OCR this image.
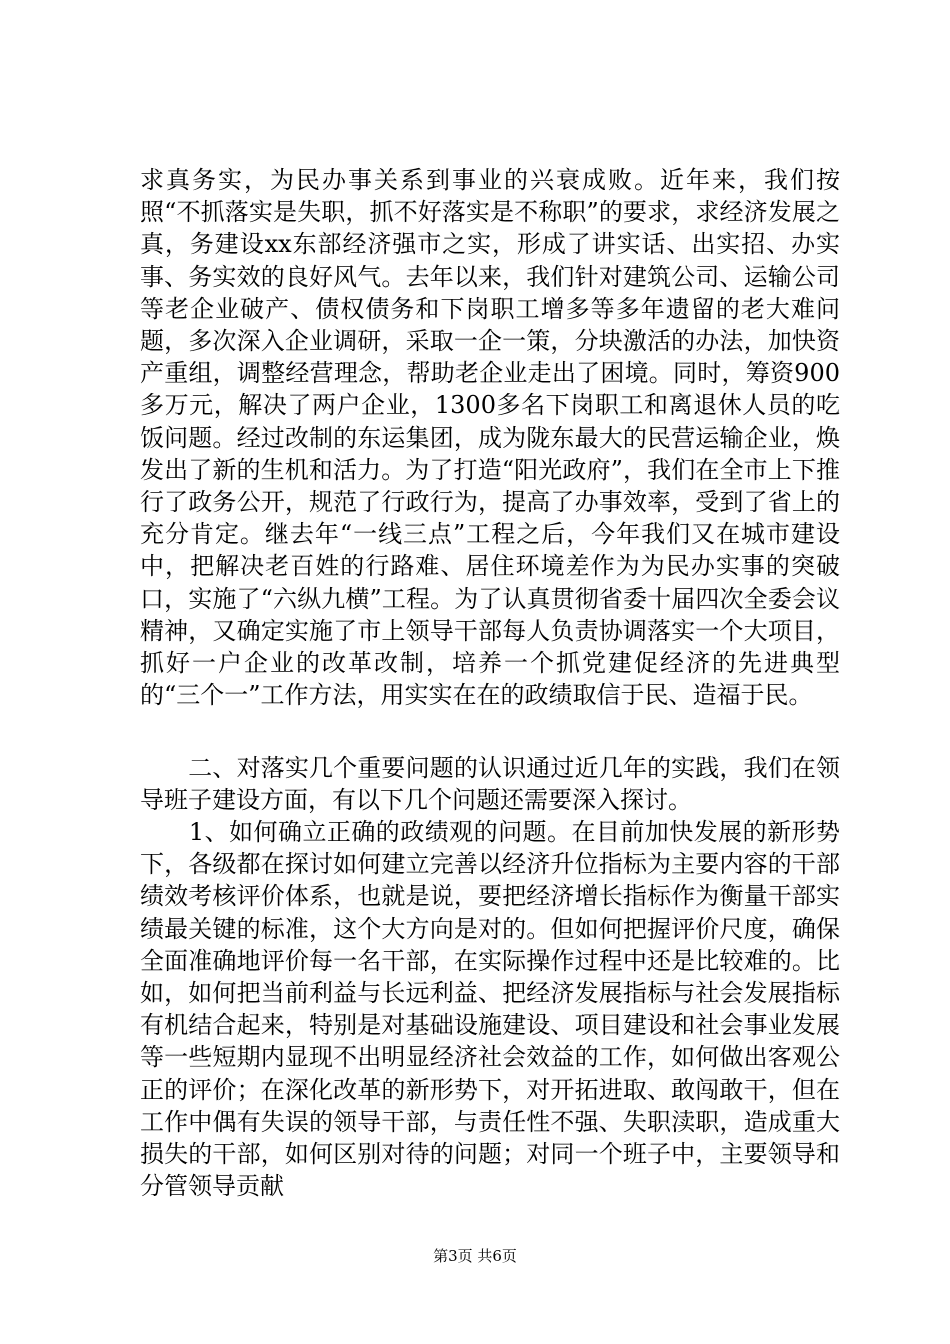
求真务实，为民办事关系到事业的兴衰成败。近年来，我们按照“不抓落实是失职，抓不好落实是不称职”的要求，求经济发展之真，务建设xx东部经济强市之实，形成了讲实话、出实招、办实事、务实效的良好风气。去年以来，我们针对建筑公司、运输公司等老企业破产、债权债务和下岗职工增多等多年遗留的老大难问题，多次深入企业调研，采取一企一策，分块激活的办法，加快资产重组，调整经营理念，帮助老企业走出了困境。同时，筹资900多万元，解决了两户企业，1300多名下岗职工和离退休人员的吃饭问题。经过改制的东运集团，成为陇东最大的民营运输企业，焕发出了新的生机和活力。为了打造“阳光政府”，我们在全市上下推行了政务公开，规范了行政行为，提高了办事效率，受到了省上的充分肯定。继去年“一线三点”工程之后，今年我们又在城市建设中，把解决老百姓的行路难、居住环境差作为为民办实事的突破口，实施了“六纵九横”工程。为了认真贯彻省委十届四次全委会议精神，又确定实施了市上领导干部每人负责协调落实一个大项目，抓好一户企业的改革改制，培养一个抓党建促经济的先进典型的“三个一”工作方法，用实实在在的政绩取信于民、造福于民。

　　二、对落实几个重要问题的认识通过近几年的实践，我们在领导班子建设方面，有以下几个问题还需要深入探讨。

　　1、如何确立正确的政绩观的问题。在目前加快发展的新形势下，各级都在探讨如何建立完善以经济升位指标为主要内容的干部绩效考核评价体系，也就是说，要把经济增长指标作为衡量干部实绩最关键的标准，这个大方向是对的。但如何把握评价尺度，确保全面准确地评价每一名干部，在实际操作过程中还是比较难的。比如，如何把当前利益与长远利益、把经济发展指标与社会发展指标有机结合起来，特别是对基础设施建设、项目建设和社会事业发展等一些短期内显现不出明显经济社会效益的工作，如何做出客观公正的评价；在深化改革的新形势下，对开拓进取、敢闯敢干，但在工作中偶有失误的领导干部，与责任性不强、失职渎职，造成重大损失的干部，如何区别对待的问题；对同一个班子中，主要领导和分管领导贡献

第3页 共6页
